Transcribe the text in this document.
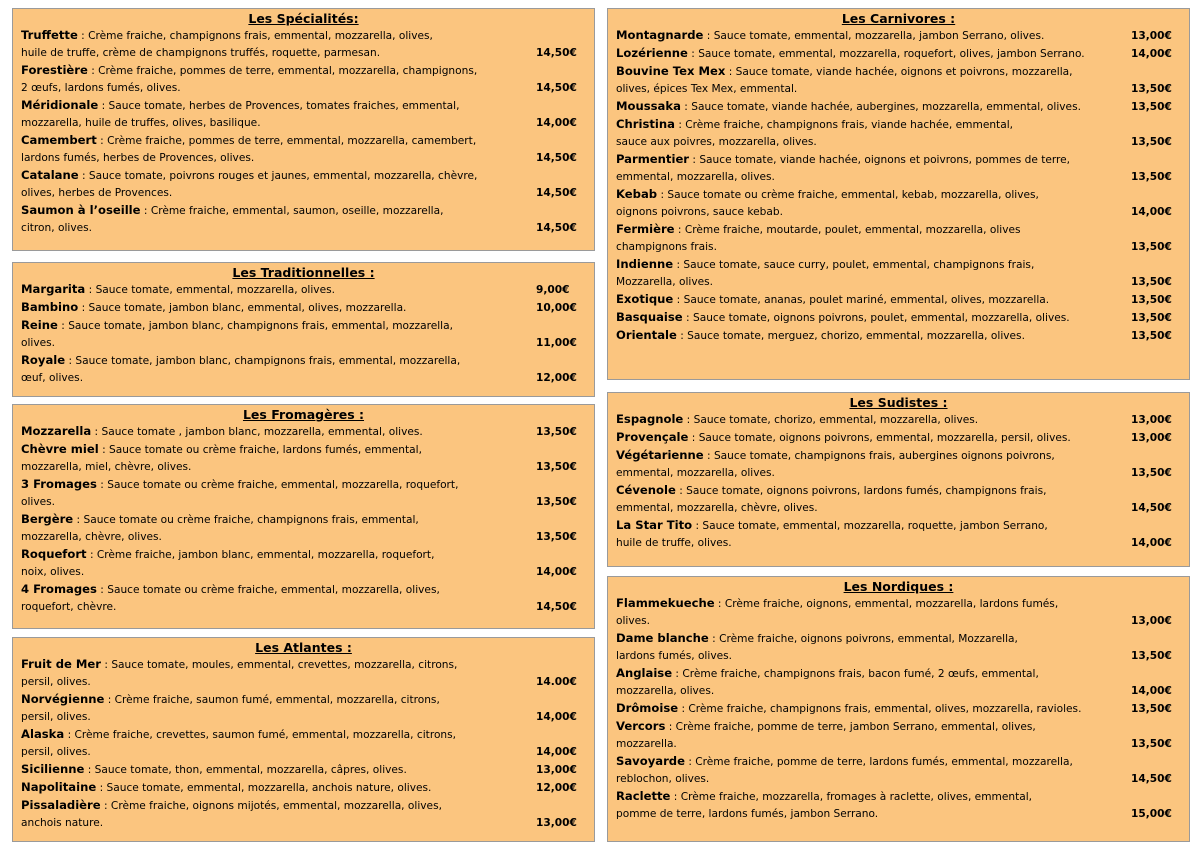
Les Spécialités:
Truffette : Crème fraiche, champignons frais, emmental, mozzarella, olives,
huile de truffe, crème de champignons truffés, roquette, parmesan.	14,50€
Forestière : Crème fraiche, pommes de terre, emmental, mozzarella, champignons,
2 œufs, lardons fumés, olives.	14,50€
Méridionale : Sauce tomate, herbes de Provences, tomates fraiches, emmental,
mozzarella, huile de truffes, olives, basilique.	14,00€
Camembert : Crème fraiche, pommes de terre, emmental, mozzarella, camembert,
lardons fumés, herbes de Provences, olives.	14,50€
Catalane : Sauce tomate, poivrons rouges et jaunes, emmental, mozzarella, chèvre,
olives, herbes de Provences.	14,50€
Saumon à l’oseille : Crème fraiche, emmental, saumon, oseille, mozzarella,
citron, olives.	14,50€
Les Traditionnelles :
Margarita : Sauce tomate, emmental, mozzarella, olives.	9,00€
Bambino : Sauce tomate, jambon blanc, emmental, olives, mozzarella.	10,00€
Reine : Sauce tomate, jambon blanc, champignons frais, emmental, mozzarella,
olives.	11,00€
Royale : Sauce tomate, jambon blanc, champignons frais, emmental, mozzarella,
œuf, olives.	12,00€
Les Fromagères :
Mozzarella : Sauce tomate , jambon blanc, mozzarella, emmental, olives.	13,50€
Chèvre miel : Sauce tomate ou crème fraiche, lardons fumés, emmental,
mozzarella, miel, chèvre, olives.	13,50€
3 Fromages : Sauce tomate ou crème fraiche, emmental, mozzarella, roquefort,
olives.	13,50€
Bergère : Sauce tomate ou crème fraiche, champignons frais, emmental,
mozzarella, chèvre, olives.	13,50€
Roquefort : Crème fraiche, jambon blanc, emmental, mozzarella, roquefort,
noix, olives.	14,00€
4 Fromages : Sauce tomate ou crème fraiche, emmental, mozzarella, olives,
roquefort, chèvre.	14,50€
Les Atlantes :
Fruit de Mer : Sauce tomate, moules, emmental, crevettes, mozzarella, citrons,
persil, olives.	14.00€
Norvégienne : Crème fraiche, saumon fumé, emmental, mozzarella, citrons,
persil, olives.	14,00€
Alaska : Crème fraiche, crevettes, saumon fumé, emmental, mozzarella, citrons,
persil, olives.	14,00€
Sicilienne : Sauce tomate, thon, emmental, mozzarella, câpres, olives.	13,00€
Napolitaine : Sauce tomate, emmental, mozzarella, anchois nature, olives.	12,00€
Pissaladière : Crème fraiche, oignons mijotés, emmental, mozzarella, olives,
anchois nature.	13,00€
Les Carnivores :
Montagnarde : Sauce tomate, emmental, mozzarella, jambon Serrano, olives.	13,00€
Lozérienne : Sauce tomate, emmental, mozzarella, roquefort, olives, jambon Serrano.	14,00€
Bouvine Tex Mex : Sauce tomate, viande hachée, oignons et poivrons, mozzarella,
olives, épices Tex Mex, emmental.	13,50€
Moussaka : Sauce tomate, viande hachée, aubergines, mozzarella, emmental, olives.	13,50€
Christina : Crème fraiche, champignons frais, viande hachée, emmental,
sauce aux poivres, mozzarella, olives.	13,50€
Parmentier : Sauce tomate, viande hachée, oignons et poivrons, pommes de terre,
emmental, mozzarella, olives.	13,50€
Kebab : Sauce tomate ou crème fraiche, emmental, kebab, mozzarella, olives,
oignons poivrons, sauce kebab.	14,00€
Fermière : Crème fraiche, moutarde, poulet, emmental, mozzarella, olives
champignons frais.	13,50€
Indienne : Sauce tomate, sauce curry, poulet, emmental, champignons frais,
Mozzarella, olives.	13,50€
Exotique : Sauce tomate, ananas, poulet mariné, emmental, olives, mozzarella.	13,50€
Basquaise : Sauce tomate, oignons poivrons, poulet, emmental, mozzarella, olives.	13,50€
Orientale : Sauce tomate, merguez, chorizo, emmental, mozzarella, olives.	13,50€
Les Sudistes :
Espagnole : Sauce tomate, chorizo, emmental, mozzarella, olives.	13,00€
Provençale : Sauce tomate, oignons poivrons, emmental, mozzarella, persil, olives.	13,00€
Végétarienne : Sauce tomate, champignons frais, aubergines oignons poivrons,
emmental, mozzarella, olives.	13,50€
Cévenole : Sauce tomate, oignons poivrons, lardons fumés, champignons frais,
emmental, mozzarella, chèvre, olives.	14,50€
La Star Tito : Sauce tomate, emmental, mozzarella, roquette, jambon Serrano,
huile de truffe, olives.	14,00€
Les Nordiques :
Flammekueche : Crème fraiche, oignons, emmental, mozzarella, lardons fumés,
olives.	13,00€
Dame blanche : Crème fraiche, oignons poivrons, emmental, Mozzarella,
lardons fumés, olives.	13,50€
Anglaise : Crème fraiche, champignons frais, bacon fumé, 2 œufs, emmental,
mozzarella, olives.	14,00€
Drômoise : Crème fraiche, champignons frais, emmental, olives, mozzarella, ravioles.	13,50€
Vercors : Crème fraiche, pomme de terre, jambon Serrano, emmental, olives,
mozzarella.	13,50€
Savoyarde : Crème fraiche, pomme de terre, lardons fumés, emmental, mozzarella,
reblochon, olives.	14,50€
Raclette : Crème fraiche, mozzarella, fromages à raclette, olives, emmental,
pomme de terre, lardons fumés, jambon Serrano.	15,00€
